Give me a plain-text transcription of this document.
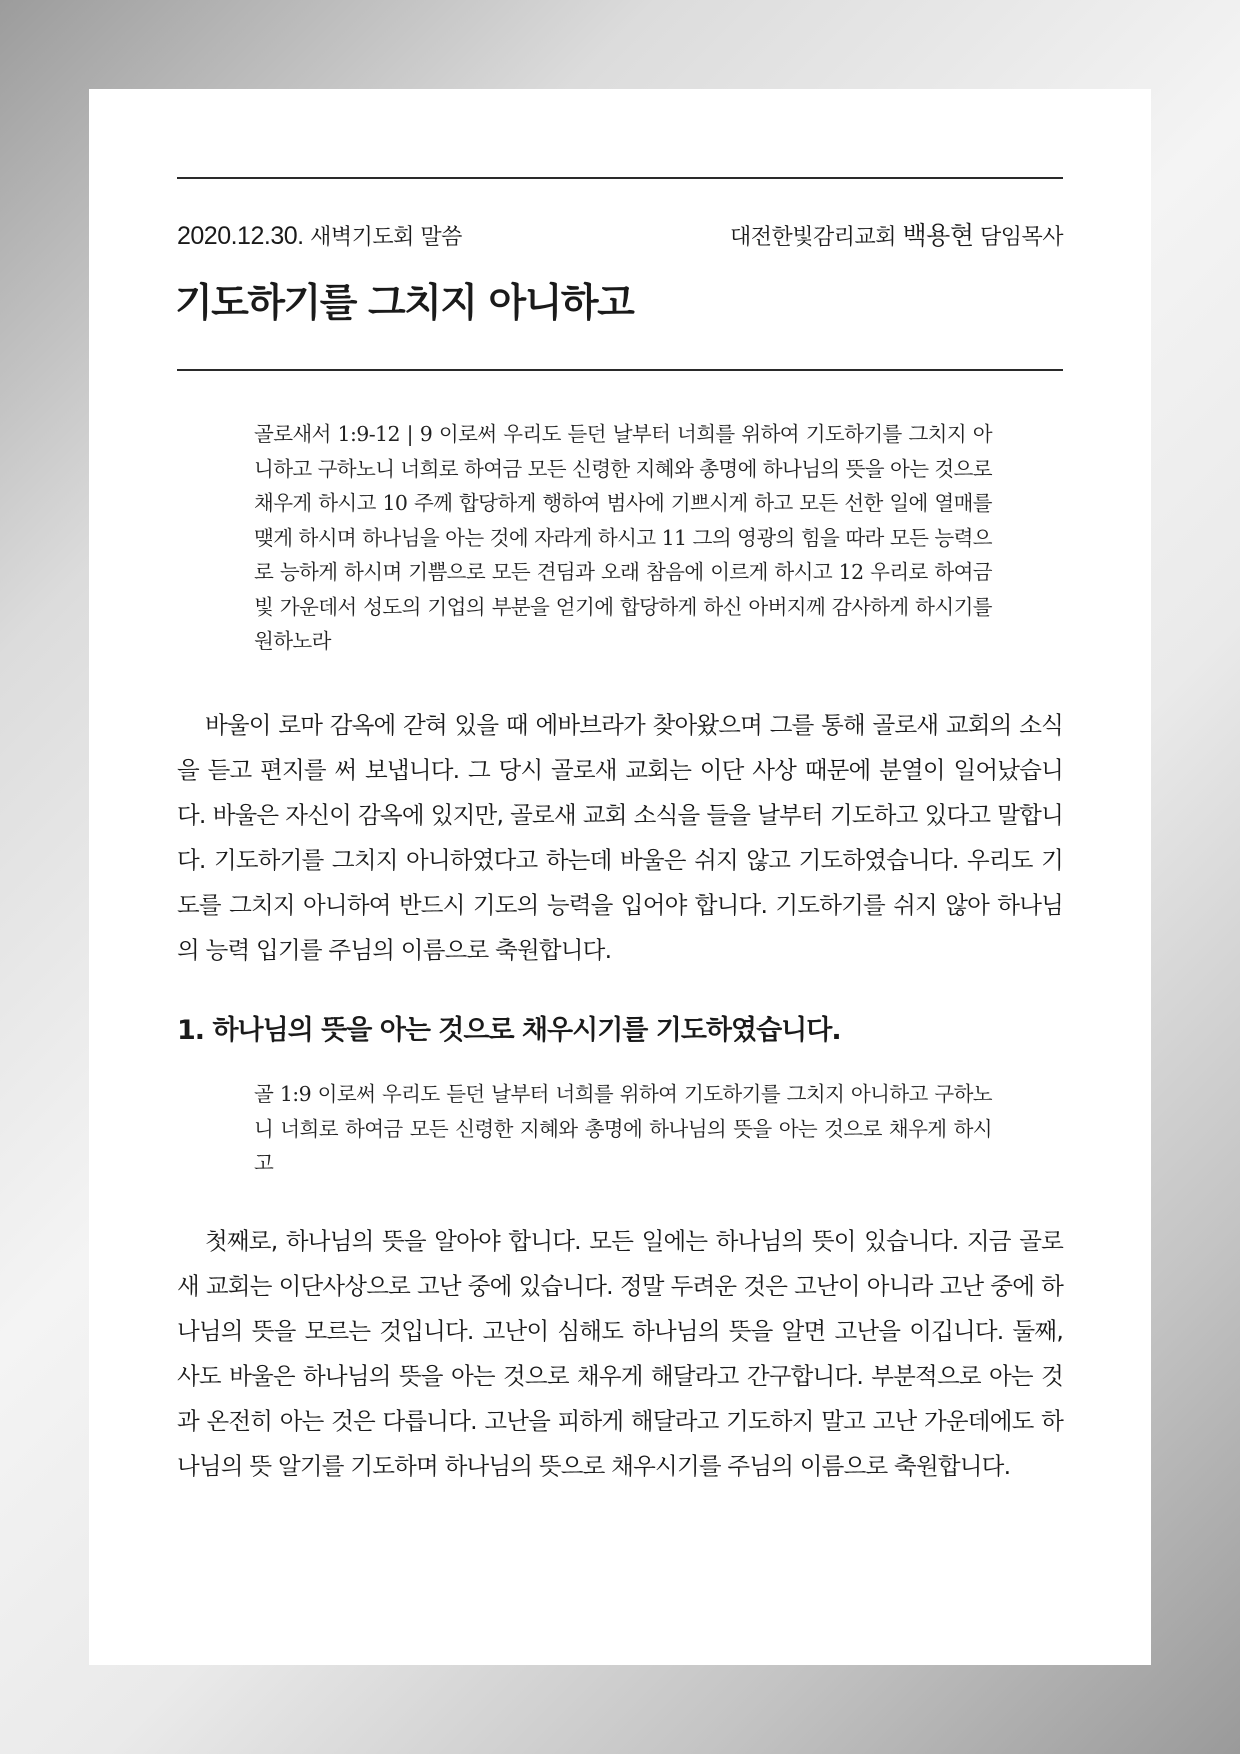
2020.12.30. 새벽기도회 말씀	대전한빛감리교회 백용현 담임목사
기도하기를 그치지 아니하고

골로새서 1:9-12 | 9 이로써 우리도 듣던 날부터 너희를 위하여 기도하기를 그치지 아니하고 구하노니 너희로 하여금 모든 신령한 지혜와 총명에 하나님의 뜻을 아는 것으로 채우게 하시고 10 주께 합당하게 행하여 범사에 기쁘시게 하고 모든 선한 일에 열매를 맺게 하시며 하나님을 아는 것에 자라게 하시고 11 그의 영광의 힘을 따라 모든 능력으로 능하게 하시며 기쁨으로 모든 견딤과 오래 참음에 이르게 하시고 12 우리로 하여금 빛 가운데서 성도의 기업의 부분을 얻기에 합당하게 하신 아버지께 감사하게 하시기를 원하노라

바울이 로마 감옥에 갇혀 있을 때 에바브라가 찾아왔으며 그를 통해 골로새 교회의 소식을 듣고 편지를 써 보냅니다. 그 당시 골로새 교회는 이단 사상 때문에 분열이 일어났습니다. 바울은 자신이 감옥에 있지만, 골로새 교회 소식을 들을 날부터 기도하고 있다고 말합니다. 기도하기를 그치지 아니하였다고 하는데 바울은 쉬지 않고 기도하였습니다. 우리도 기도를 그치지 아니하여 반드시 기도의 능력을 입어야 합니다. 기도하기를 쉬지 않아 하나님의 능력 입기를 주님의 이름으로 축원합니다.

1. 하나님의 뜻을 아는 것으로 채우시기를 기도하였습니다.

골 1:9 이로써 우리도 듣던 날부터 너희를 위하여 기도하기를 그치지 아니하고 구하노니 너희로 하여금 모든 신령한 지혜와 총명에 하나님의 뜻을 아는 것으로 채우게 하시고

첫째로, 하나님의 뜻을 알아야 합니다. 모든 일에는 하나님의 뜻이 있습니다. 지금 골로새 교회는 이단사상으로 고난 중에 있습니다. 정말 두려운 것은 고난이 아니라 고난 중에 하나님의 뜻을 모르는 것입니다. 고난이 심해도 하나님의 뜻을 알면 고난을 이깁니다. 둘째, 사도 바울은 하나님의 뜻을 아는 것으로 채우게 해달라고 간구합니다. 부분적으로 아는 것과 온전히 아는 것은 다릅니다. 고난을 피하게 해달라고 기도하지 말고 고난 가운데에도 하나님의 뜻 알기를 기도하며 하나님의 뜻으로 채우시기를 주님의 이름으로 축원합니다.
